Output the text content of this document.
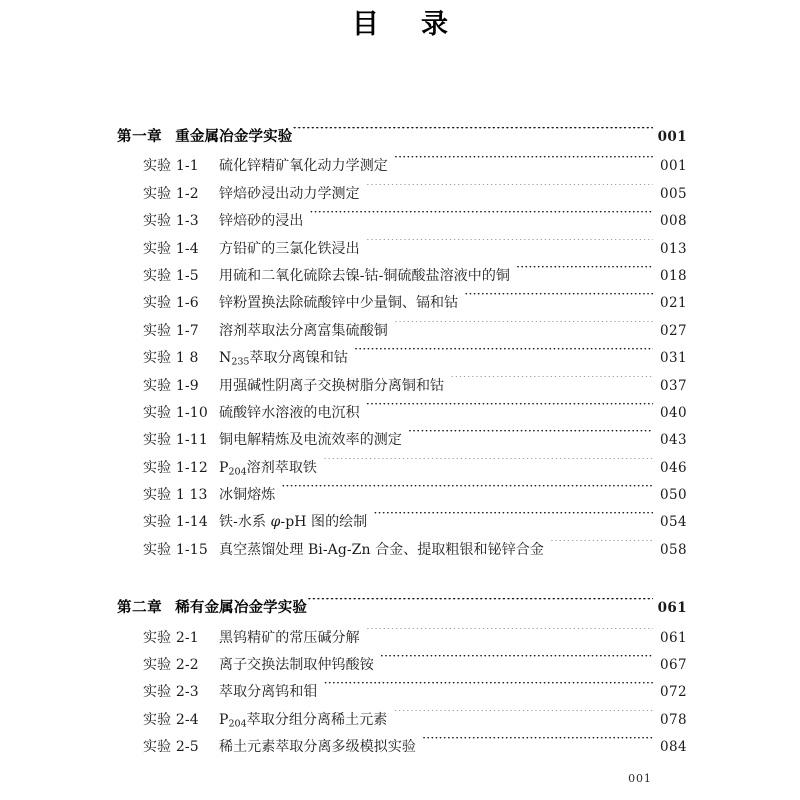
目　录
第一章 重金属冶金学实验 ·····	001
实验 1-1	硫化锌精矿氧化动力学测定 ·····	001
实验 1-2	锌焙砂浸出动力学测定 ·····	005
实验 1-3	锌焙砂的浸出 ·····	008
实验 1-4	方铅矿的三氯化铁浸出 ·····	013
实验 1-5	用硫和二氧化硫除去镍-钴-铜硫酸盐溶液中的铜 ·····	018
实验 1-6	锌粉置换法除硫酸锌中少量铜、镉和钴 ·····	021
实验 1-7	溶剂萃取法分离富集硫酸铜 ·····	027
实验 1 8	$N_{235}$萃取分离镍和钴 ·····	031
实验 1-9	用强碱性阴离子交换树脂分离铜和钴 ·····	037
实验 1-10 硫酸锌水溶液的电沉积 ·····	040
实验 1-11 铜电解精炼及电流效率的测定 ·····	043
实验 1-12 $P_{204}$溶剂萃取铁 ·····	046
实验 1 13 冰铜熔炼 ·····	050
实验 1-14 铁-水系 φ-pH 图的绘制 ·····	054
实验 1-15 真空蒸馏处理 Bi-Ag-Zn 合金、提取粗银和铋锌合金 ·····	058
第二章 稀有金属冶金学实验 ·····	061
实验 2-1	黑钨精矿的常压碱分解 ·····	061
实验 2-2	离子交换法制取仲钨酸铵 ·····	067
实验 2-3	萃取分离钨和钼 ·····	072
实验 2-4	$P_{204}$萃取分组分离稀土元素 ·····	078
实验 2-5	稀土元素萃取分离多级模拟实验 ·····	084
001
